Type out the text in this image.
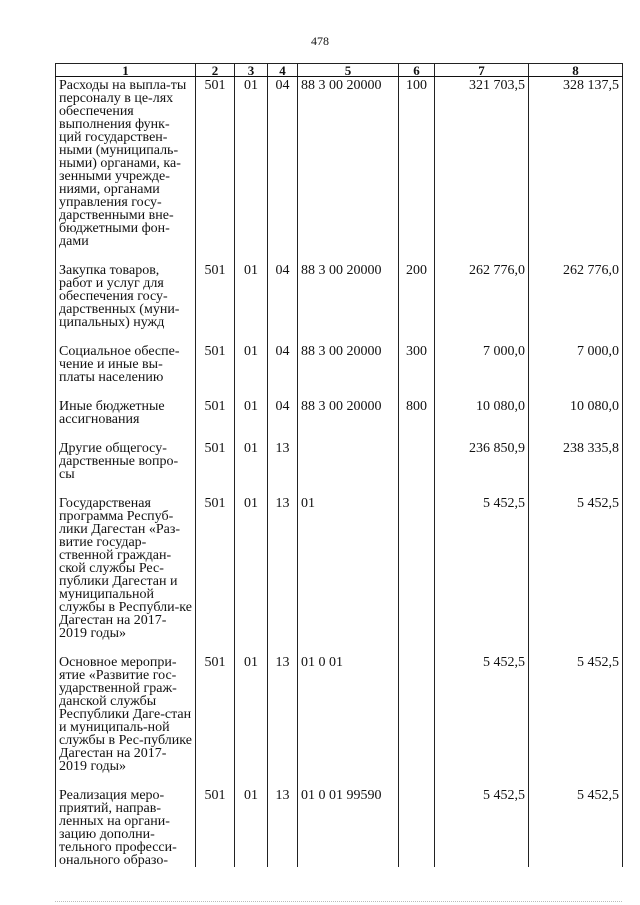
478
1	2	3	4	5	6	7	8
Расходы на выпла-ты персоналу в це-лях обеспечения выполнения функ-ций государствен-ными (муниципаль-ными) органами, ка-зенными учрежде-ниями, органами управления госу-дарственными вне-бюджетными фон-дами	501	01	04	88 3 00 20000	100	321 703,5	328 137,5
Закупка товаров, работ и услуг для обеспечения госу-дарственных (муни-ципальных) нужд	501	01	04	88 3 00 20000	200	262 776,0	262 776,0
Социальное обеспе-чение и иные вы-платы населению	501	01	04	88 3 00 20000	300	7 000,0	7 000,0
Иные бюджетные ассигнования	501	01	04	88 3 00 20000	800	10 080,0	10 080,0
Другие общегосу-дарственные вопро-сы	501	01	13			236 850,9	238 335,8
Государственая программа Респуб-лики Дагестан «Раз-витие государ-ственной граждан-ской службы Рес-публики Дагестан и муниципальной службы в Республи-ке Дагестан на 2017-2019 годы»	501	01	13	01		5 452,5	5 452,5
Основное меропри-ятие «Развитие гос-ударственной граж-данской службы Республики Даге-стан и муниципаль-ной службы в Рес-публике Дагестан на 2017-2019 годы»	501	01	13	01 0 01		5 452,5	5 452,5
Реализация меро-приятий, направ-ленных на органи-зацию дополни-тельного професси-онального образо-	501	01	13	01 0 01 99590		5 452,5	5 452,5
